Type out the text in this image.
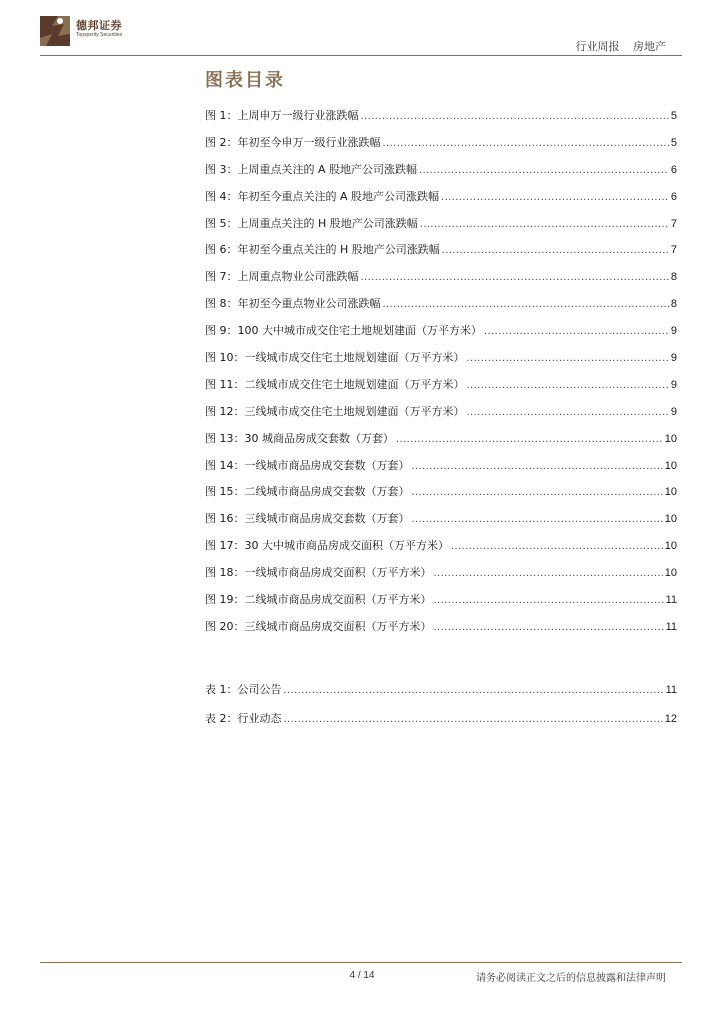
德邦证券
Topsperity Securities
行业周报 房地产
图表目录
图 1：上周申万一级行业涨跌幅 .....	5
图 2：年初至今申万一级行业涨跌幅 .....	5
图 3：上周重点关注的 A 股地产公司涨跌幅 .....	6
图 4：年初至今重点关注的 A 股地产公司涨跌幅 .....	6
图 5：上周重点关注的 H 股地产公司涨跌幅 .....	7
图 6：年初至今重点关注的 H 股地产公司涨跌幅 .....	7
图 7：上周重点物业公司涨跌幅 .....	8
图 8：年初至今重点物业公司涨跌幅 .....	8
图 9：100 大中城市成交住宅土地规划建面（万平方米） .....	9
图 10：一线城市成交住宅土地规划建面（万平方米） .....	9
图 11：二线城市成交住宅土地规划建面（万平方米） .....	9
图 12：三线城市成交住宅土地规划建面（万平方米） .....	9
图 13：30 城商品房成交套数（万套） .....	10
图 14：一线城市商品房成交套数（万套） .....	10
图 15：二线城市商品房成交套数（万套） .....	10
图 16：三线城市商品房成交套数（万套） .....	10
图 17：30 大中城市商品房成交面积（万平方米） .....	10
图 18：一线城市商品房成交面积（万平方米） .....	10
图 19：二线城市商品房成交面积（万平方米） .....	11
图 20：三线城市商品房成交面积（万平方米） .....	11
表 1：公司公告 .....	11
表 2：行业动态 .....	12
4 / 14	请务必阅读正文之后的信息披露和法律声明
